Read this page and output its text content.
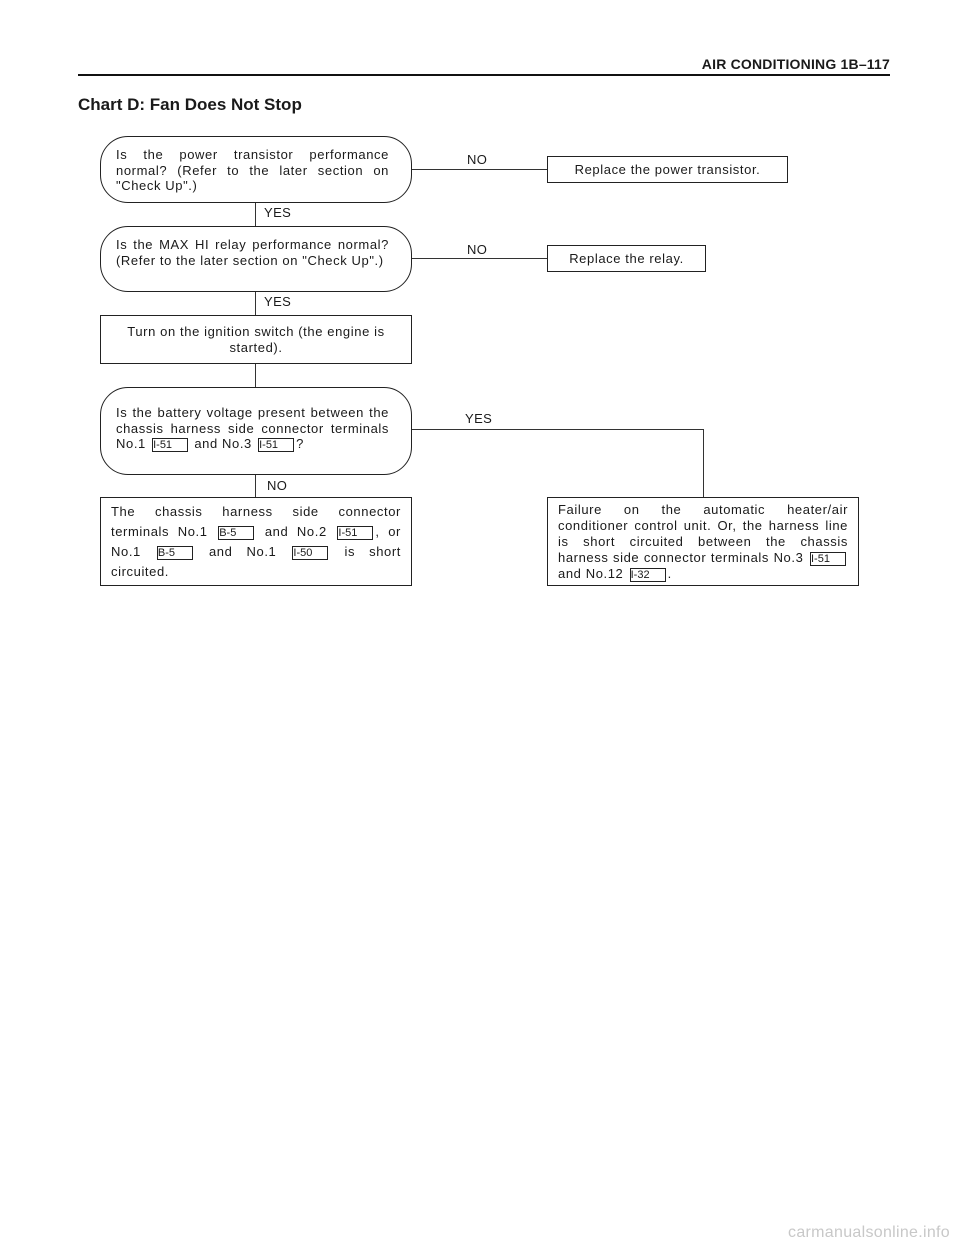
AIR CONDITIONING 1B–117
Chart D: Fan Does Not Stop
NO
YES
NO
YES
YES
NO
Is the power transistor performance normal? (Refer to the later section on "Check Up".)
Is the MAX HI relay performance normal? (Refer to the later section on "Check Up".)
Turn on the ignition switch (the engine is started).
Is the battery voltage present between the chassis harness side connector terminals No.1 I-51 and No.3 I-51 ?
The chassis harness side connector terminals No.1 B-5 and No.2 I-51 , or No.1 B-5	and No.1 I-50 is short circuited.
Failure on the automatic heater/air conditioner control unit. Or, the harness line is short circuited between the chassis harness side connector terminals No.3 I-51 and No.12 I-32 .
Replace the power transistor.
Replace the relay.
carmanualsonline.info
